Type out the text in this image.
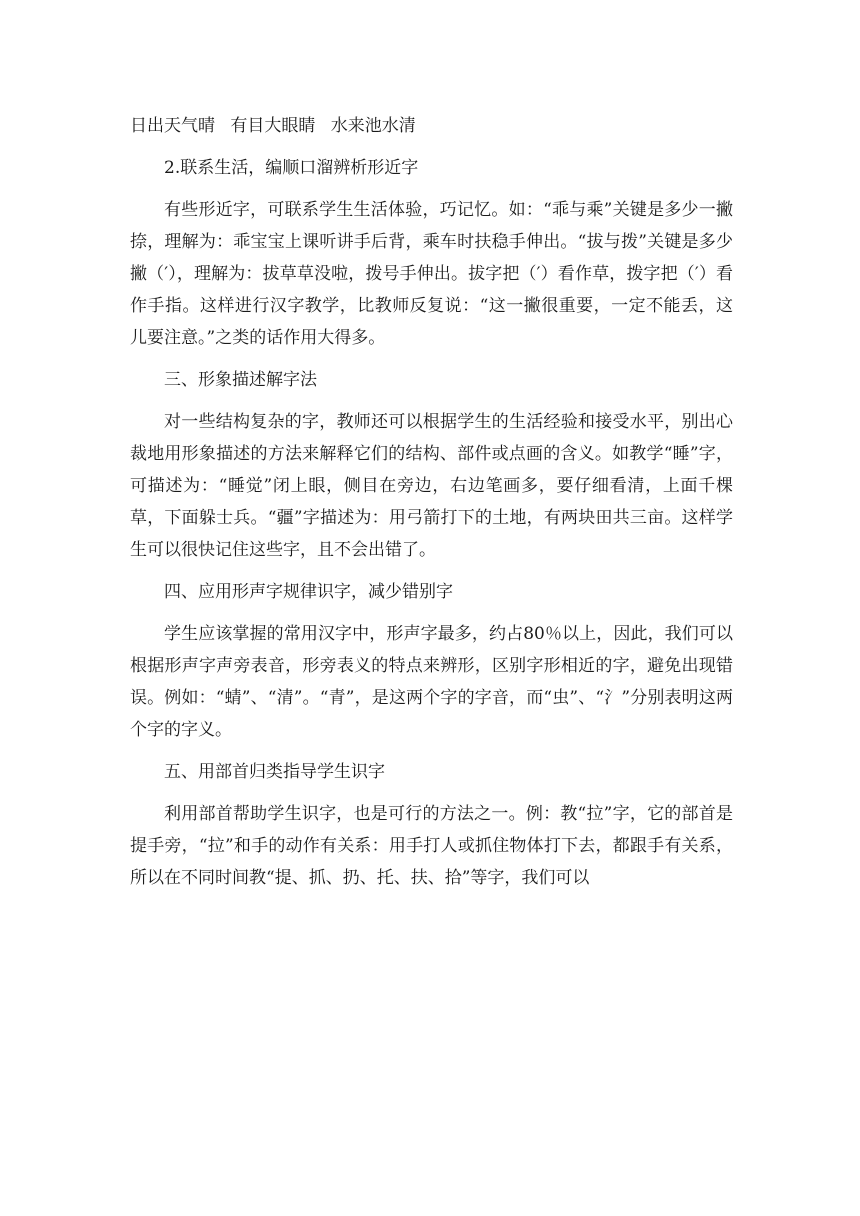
日出天气晴 有目大眼睛 水来池水清

2.联系生活，编顺口溜辨析形近字

有些形近字，可联系学生生活体验，巧记忆。如：“乖与乘”关键是多少一撇捺，理解为：乖宝宝上课听讲手后背，乘车时扶稳手伸出。“拔与拨”关键是多少撇（′），理解为：拔草草没啦，拨号手伸出。拔字把（′）看作草，拨字把（′）看作手指。这样进行汉字教学，比教师反复说：“这一撇很重要，一定不能丢，这儿要注意。”之类的话作用大得多。

三、形象描述解字法

对一些结构复杂的字，教师还可以根据学生的生活经验和接受水平，别出心裁地用形象描述的方法来解释它们的结构、部件或点画的含义。如教学“睡”字，可描述为：“睡觉”闭上眼，侧目在旁边，右边笔画多，要仔细看清，上面千棵草，下面躲士兵。“疆”字描述为：用弓箭打下的土地，有两块田共三亩。这样学生可以很快记住这些字，且不会出错了。

四、应用形声字规律识字，减少错别字

学生应该掌握的常用汉字中，形声字最多，约占80％以上，因此，我们可以根据形声字声旁表音，形旁表义的特点来辨形，区别字形相近的字，避免出现错误。例如：“蜻”、“清”。“青”，是这两个字的字音，而“虫”、“氵”分别表明这两个字的字义。

五、用部首归类指导学生识字

利用部首帮助学生识字，也是可行的方法之一。例：教“拉”字，它的部首是提手旁，“拉”和手的动作有关系：用手打人或抓住物体打下去，都跟手有关系，所以在不同时间教“提、抓、扔、托、扶、拾”等字，我们可以
